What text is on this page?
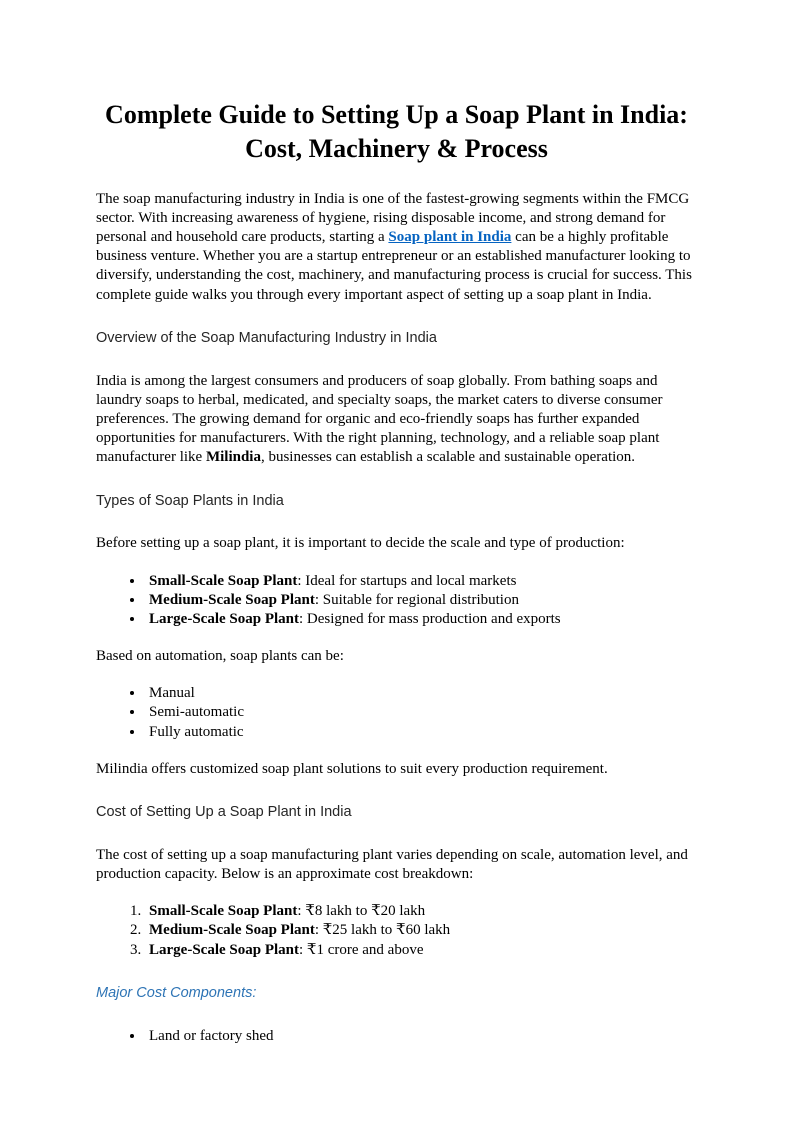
Complete Guide to Setting Up a Soap Plant in India: Cost, Machinery & Process

The soap manufacturing industry in India is one of the fastest-growing segments within the FMCG sector. With increasing awareness of hygiene, rising disposable income, and strong demand for personal and household care products, starting a Soap plant in India can be a highly profitable business venture. Whether you are a startup entrepreneur or an established manufacturer looking to diversify, understanding the cost, machinery, and manufacturing process is crucial for success. This complete guide walks you through every important aspect of setting up a soap plant in India.

Overview of the Soap Manufacturing Industry in India

India is among the largest consumers and producers of soap globally. From bathing soaps and laundry soaps to herbal, medicated, and specialty soaps, the market caters to diverse consumer preferences. The growing demand for organic and eco-friendly soaps has further expanded opportunities for manufacturers. With the right planning, technology, and a reliable soap plant manufacturer like Milindia, businesses can establish a scalable and sustainable operation.

Types of Soap Plants in India

Before setting up a soap plant, it is important to decide the scale and type of production:

• Small-Scale Soap Plant: Ideal for startups and local markets
• Medium-Scale Soap Plant: Suitable for regional distribution
• Large-Scale Soap Plant: Designed for mass production and exports

Based on automation, soap plants can be:

• Manual
• Semi-automatic
• Fully automatic

Milindia offers customized soap plant solutions to suit every production requirement.

Cost of Setting Up a Soap Plant in India

The cost of setting up a soap manufacturing plant varies depending on scale, automation level, and production capacity. Below is an approximate cost breakdown:

1. Small-Scale Soap Plant: ₹8 lakh to ₹20 lakh
2. Medium-Scale Soap Plant: ₹25 lakh to ₹60 lakh
3. Large-Scale Soap Plant: ₹1 crore and above
Major Cost Components:
• Land or factory shed
